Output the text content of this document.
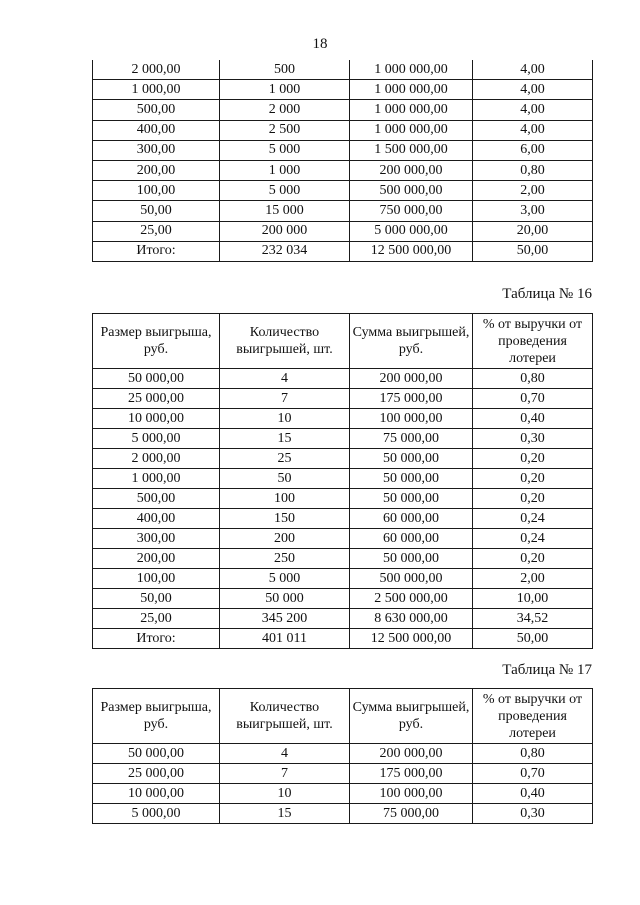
18
2 000,00	500	1 000 000,00	4,00
1 000,00	1 000	1 000 000,00	4,00
500,00	2 000	1 000 000,00	4,00
400,00	2 500	1 000 000,00	4,00
300,00	5 000	1 500 000,00	6,00
200,00	1 000	200 000,00	0,80
100,00	5 000	500 000,00	2,00
50,00	15 000	750 000,00	3,00
25,00	200 000	5 000 000,00	20,00
Итого:	232 034	12 500 000,00	50,00
Таблица № 16
Размер выигрыша, руб.	Количество выигрышей, шт.	Сумма выигрышей, руб.	% от выручки от проведения лотереи
50 000,00	4	200 000,00	0,80
25 000,00	7	175 000,00	0,70
10 000,00	10	100 000,00	0,40
5 000,00	15	75 000,00	0,30
2 000,00	25	50 000,00	0,20
1 000,00	50	50 000,00	0,20
500,00	100	50 000,00	0,20
400,00	150	60 000,00	0,24
300,00	200	60 000,00	0,24
200,00	250	50 000,00	0,20
100,00	5 000	500 000,00	2,00
50,00	50 000	2 500 000,00	10,00
25,00	345 200	8 630 000,00	34,52
Итого:	401 011	12 500 000,00	50,00
Таблица № 17
Размер выигрыша, руб.	Количество выигрышей, шт.	Сумма выигрышей, руб.	% от выручки от проведения лотереи
50 000,00	4	200 000,00	0,80
25 000,00	7	175 000,00	0,70
10 000,00	10	100 000,00	0,40
5 000,00	15	75 000,00	0,30
